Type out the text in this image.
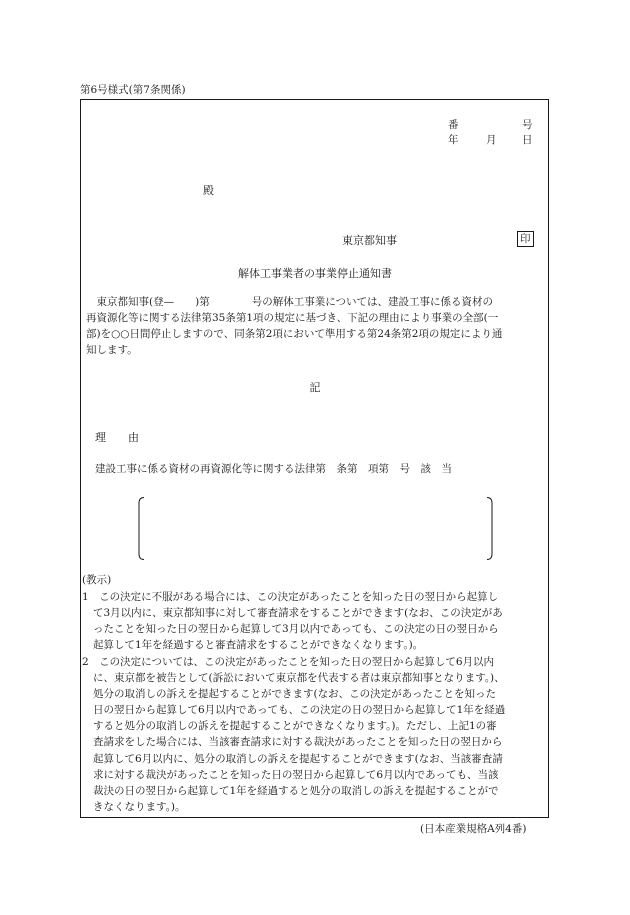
第6号様式(第7条関係)
番	号
年	月 日
殿
東京都知事	印
解体工事業者の事業停止通知書
　東京都知事(登—　　)第　　　　号の解体工事業については、建設工事に係る資材の
再資源化等に関する法律第35条第1項の規定に基づき、下記の理由により事業の全部(一
部)を○○日間停止しますので、同条第2項において準用する第24条第2項の規定により通
知します。
記
理　　由
建設工事に係る資材の再資源化等に関する法律第　条第　項第　号　該　当
(教示)
1　この決定に不服がある場合には、この決定があったことを知った日の翌日から起算し
て3月以内に、東京都知事に対して審査請求をすることができます(なお、この決定があ
ったことを知った日の翌日から起算して3月以内であっても、この決定の日の翌日から
起算して1年を経過すると審査請求をすることができなくなります。)。
2　この決定については、この決定があったことを知った日の翌日から起算して6月以内
に、東京都を被告として(訴訟において東京都を代表する者は東京都知事となります。)、
処分の取消しの訴えを提起することができます(なお、この決定があったことを知った
日の翌日から起算して6月以内であっても、この決定の日の翌日から起算して1年を経過
すると処分の取消しの訴えを提起することができなくなります。)。ただし、上記1の審
査請求をした場合には、当該審査請求に対する裁決があったことを知った日の翌日から
起算して6月以内に、処分の取消しの訴えを提起することができます(なお、当該審査請
求に対する裁決があったことを知った日の翌日から起算して6月以内であっても、当該
裁決の日の翌日から起算して1年を経過すると処分の取消しの訴えを提起することがで
きなくなります。)。
(日本産業規格A列4番)
